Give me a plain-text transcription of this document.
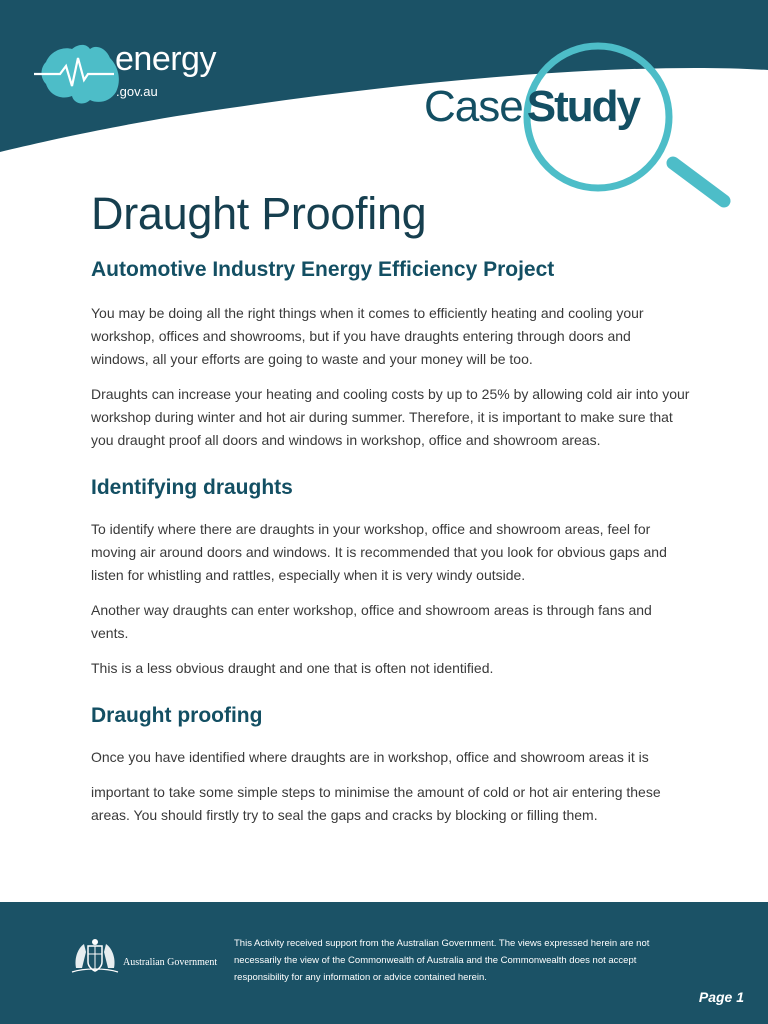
energy

.gov.au	CaseStudy

Draught Proofing
Automotive Industry Energy Efficiency Project

You may be doing all the right things when it comes to efficiently heating and cooling your workshop, offices and showrooms, but if you have draughts entering through doors and windows, all your efforts are going to waste and your money will be too.

Draughts can increase your heating and cooling costs by up to 25% by allowing cold air into your workshop during winter and hot air during summer. Therefore, it is important to make sure that you draught proof all doors and windows in workshop, office and showroom areas.

Identifying draughts

To identify where there are draughts in your workshop, office and showroom areas, feel for moving air around doors and windows. It is recommended that you look for obvious gaps and listen for whistling and rattles, especially when it is very windy outside.

Another way draughts can enter workshop, office and showroom areas is through fans and vents.

This is a less obvious draught and one that is often not identified.

Draught proofing

Once you have identified where draughts are in workshop, office and showroom areas it is

important to take some simple steps to minimise the amount of cold or hot air entering these areas. You should firstly try to seal the gaps and cracks by blocking or filling them.

Australian Government

This Activity received support from the Australian Government. The views expressed herein are not necessarily the view of the Commonwealth of Australia and the Commonwealth does not accept responsibility for any information or advice contained herein.

Page 1
